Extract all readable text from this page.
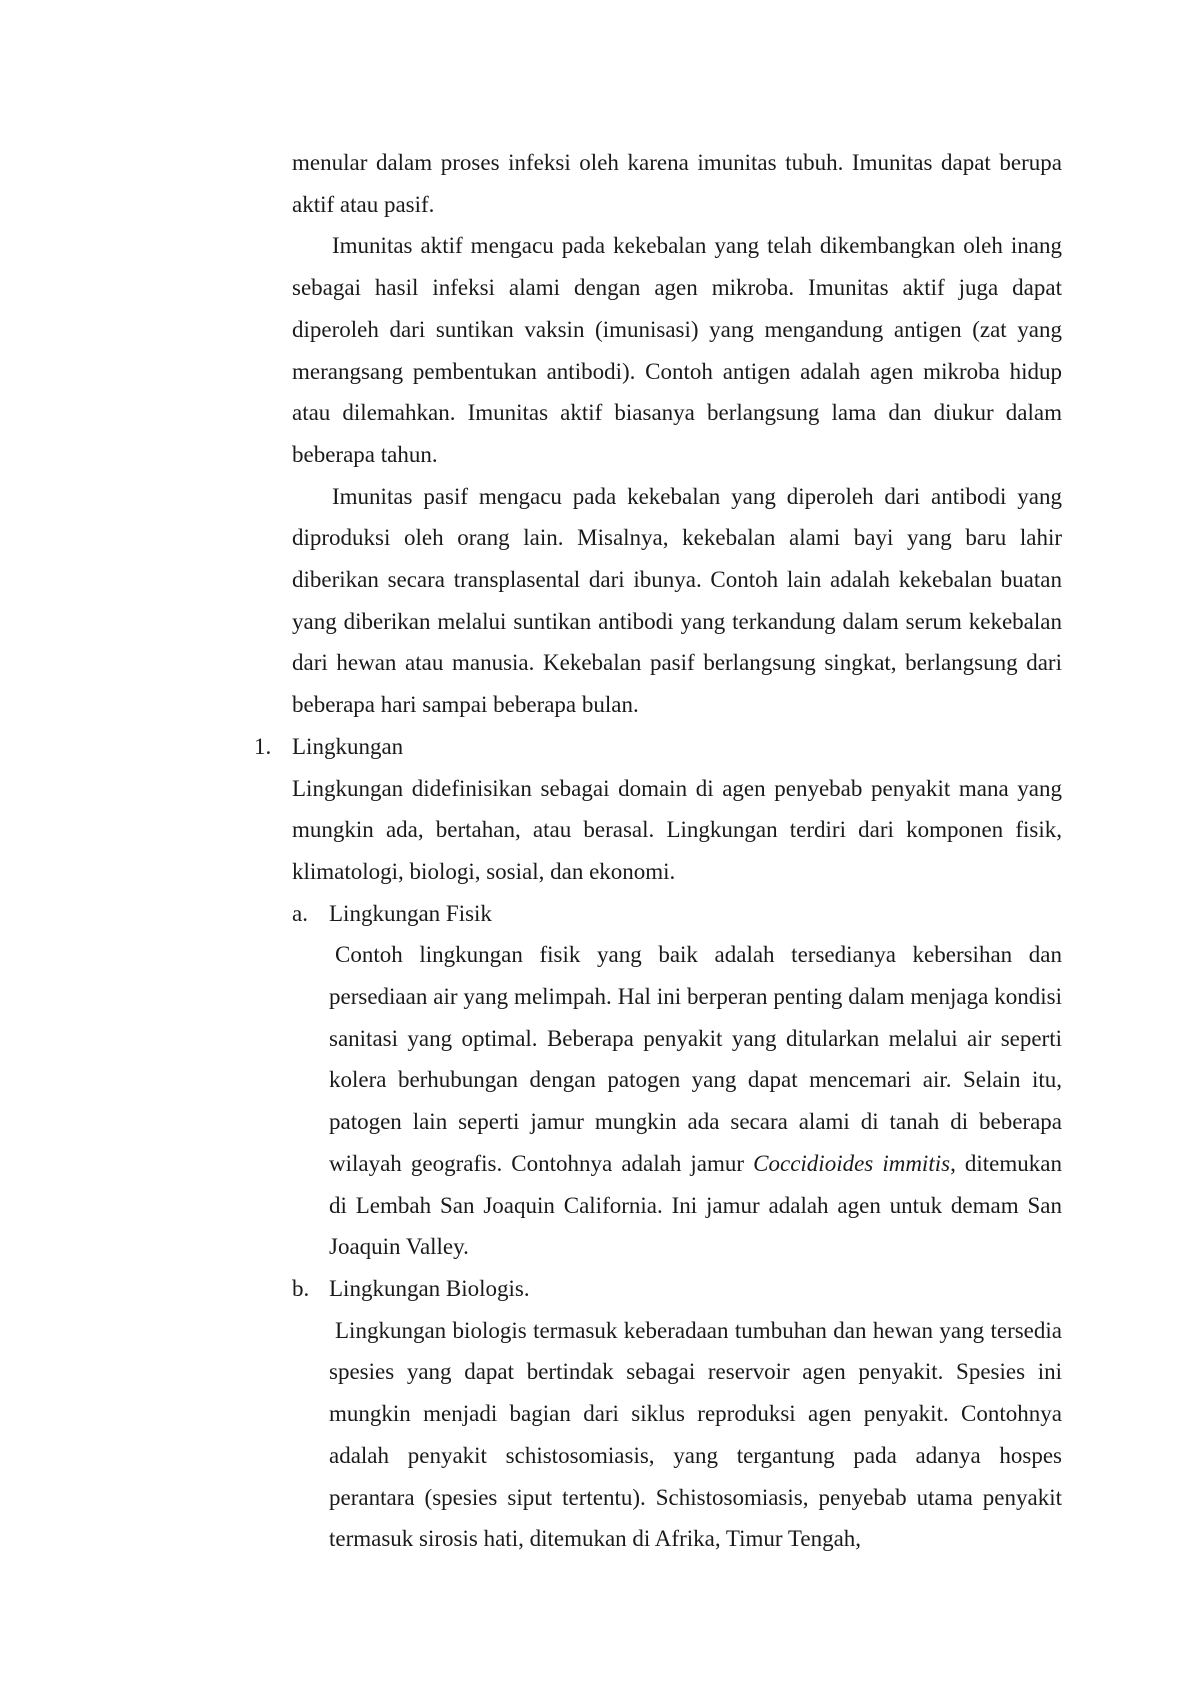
menular dalam proses infeksi oleh karena imunitas tubuh. Imunitas dapat berupa aktif atau pasif.

Imunitas aktif mengacu pada kekebalan yang telah dikembangkan oleh inang sebagai hasil infeksi alami dengan agen mikroba. Imunitas aktif juga dapat diperoleh dari suntikan vaksin (imunisasi) yang mengandung antigen (zat yang merangsang pembentukan antibodi). Contoh antigen adalah agen mikroba hidup atau dilemahkan. Imunitas aktif biasanya berlangsung lama dan diukur dalam beberapa tahun.

Imunitas pasif mengacu pada kekebalan yang diperoleh dari antibodi yang diproduksi oleh orang lain. Misalnya, kekebalan alami bayi yang baru lahir diberikan secara transplasental dari ibunya. Contoh lain adalah kekebalan buatan yang diberikan melalui suntikan antibodi yang terkandung dalam serum kekebalan dari hewan atau manusia. Kekebalan pasif berlangsung singkat, berlangsung dari beberapa hari sampai beberapa bulan.

1. Lingkungan

Lingkungan didefinisikan sebagai domain di agen penyebab penyakit mana yang mungkin ada, bertahan, atau berasal. Lingkungan terdiri dari komponen fisik, klimatologi, biologi, sosial, dan ekonomi.

a. Lingkungan Fisik

Contoh lingkungan fisik yang baik adalah tersedianya kebersihan dan persediaan air yang melimpah. Hal ini berperan penting dalam menjaga kondisi sanitasi yang optimal. Beberapa penyakit yang ditularkan melalui air seperti kolera berhubungan dengan patogen yang dapat mencemari air. Selain itu, patogen lain seperti jamur mungkin ada secara alami di tanah di beberapa wilayah geografis. Contohnya adalah jamur Coccidioides immitis, ditemukan di Lembah San Joaquin California. Ini jamur adalah agen untuk demam San Joaquin Valley.

b. Lingkungan Biologis.

Lingkungan biologis termasuk keberadaan tumbuhan dan hewan yang tersedia spesies yang dapat bertindak sebagai reservoir agen penyakit. Spesies ini mungkin menjadi bagian dari siklus reproduksi agen penyakit. Contohnya adalah penyakit schistosomiasis, yang tergantung pada adanya hospes perantara (spesies siput tertentu). Schistosomiasis, penyebab utama penyakit termasuk sirosis hati, ditemukan di Afrika, Timur Tengah,
